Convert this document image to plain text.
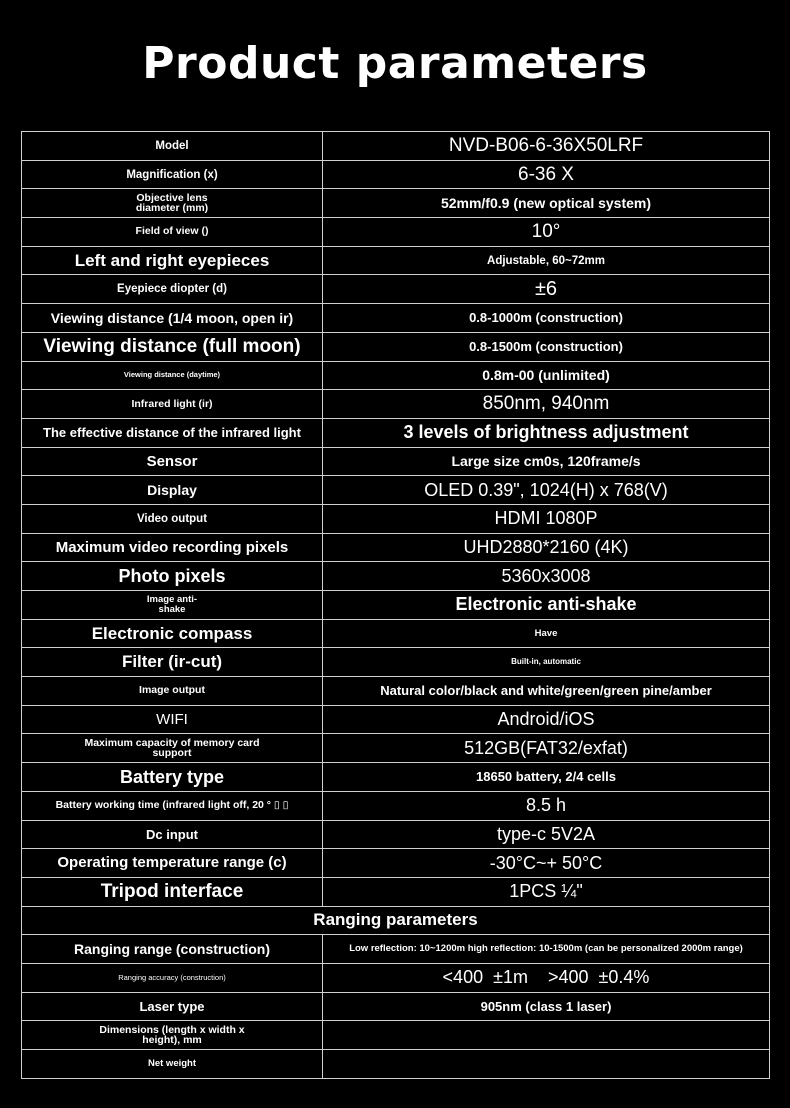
Product parameters
Model	NVD-B06-6-36X50LRF
Magnification (x)	6-36 X
Objective lens diameter (mm)	52mm/f0.9 (new optical system)
Field of view ()	10°
Left and right eyepieces	Adjustable, 60~72mm
Eyepiece diopter (d)	±6
Viewing distance (1/4 moon, open ir)	0.8-1000m (construction)
Viewing distance (full moon)	0.8-1500m (construction)
Viewing distance (daytime)	0.8m-00 (unlimited)
Infrared light (ir)	850nm, 940nm
The effective distance of the infrared light	3 levels of brightness adjustment
Sensor	Large size cm0s, 120frame/s
Display	OLED 0.39", 1024(H) x 768(V)
Video output	HDMI 1080P
Maximum video recording pixels	UHD2880*2160 (4K)
Photo pixels	5360x3008
Image anti-shake	Electronic anti-shake
Electronic compass	Have
Filter (ir-cut)	Built-in, automatic
Image output	Natural color/black and white/green/green pine/amber
WIFI	Android/iOS
Maximum capacity of memory card support	512GB(FAT32/exfat)
Battery type	18650 battery, 2/4 cells
Battery working time (infrared light off, 20 ° ▯ ▯	8.5 h
Dc input	type-c 5V2A
Operating temperature range (c)	-30°C~+ 50°C
Tripod interface	1PCS ¼"
Ranging parameters	
Ranging range (construction)	Low reflection: 10~1200m high reflection: 10-1500m (can be personalized 2000m range)
Ranging accuracy (construction)	<400  ±1m    >400  ±0.4%
Laser type	905nm (class 1 laser)
Dimensions (length x width x height), mm	
Net weight	
